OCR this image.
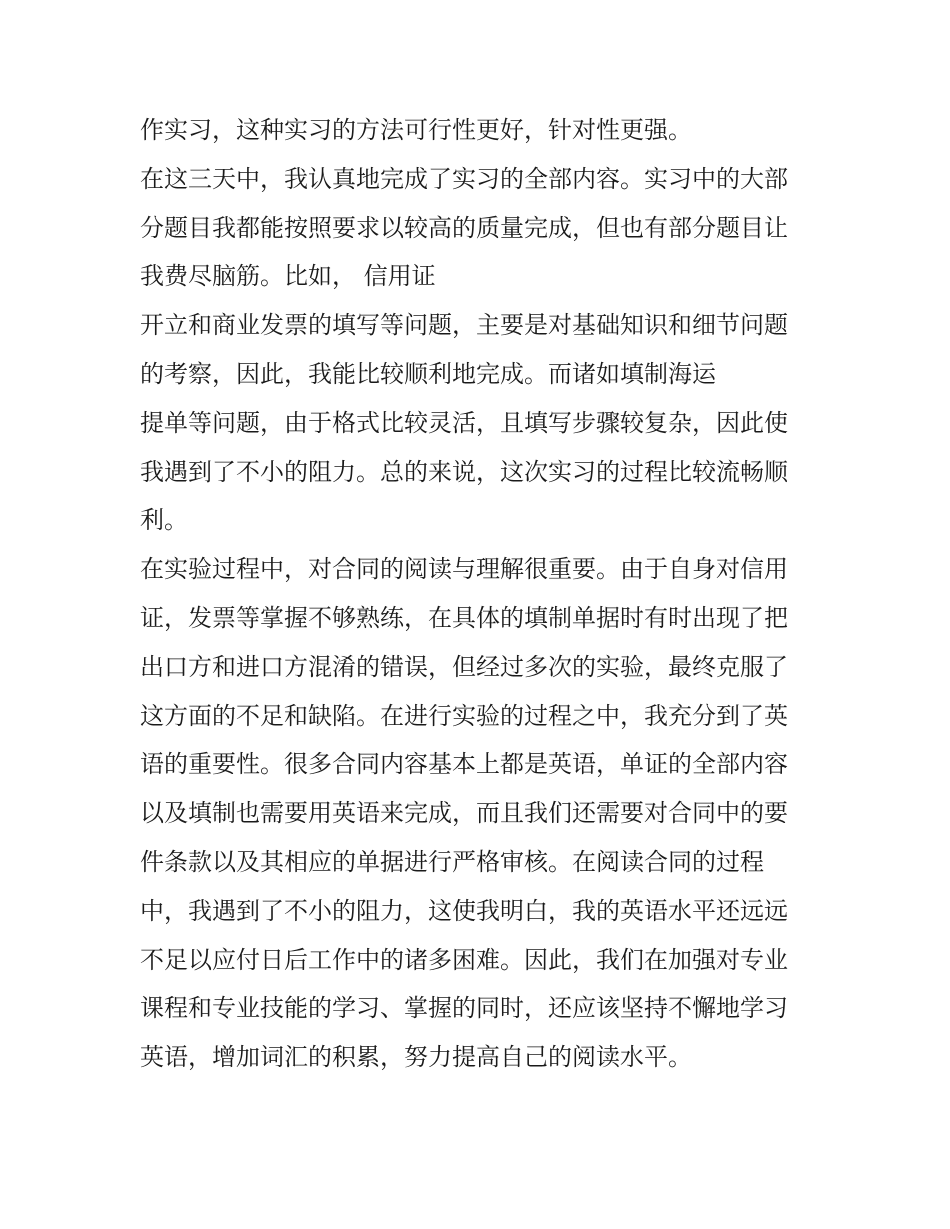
作实习，这种实习的方法可行性更好，针对性更强。
在这三天中，我认真地完成了实习的全部内容。实习中的大部
分题目我都能按照要求以较高的质量完成，但也有部分题目让
我费尽脑筋。比如， 信用证
开立和商业发票的填写等问题，主要是对基础知识和细节问题
的考察，因此，我能比较顺利地完成。而诸如填制海运
提单等问题，由于格式比较灵活，且填写步骤较复杂，因此使
我遇到了不小的阻力。总的来说，这次实习的过程比较流畅顺
利。
在实验过程中，对合同的阅读与理解很重要。由于自身对信用
证，发票等掌握不够熟练，在具体的填制单据时有时出现了把
出口方和进口方混淆的错误，但经过多次的实验，最终克服了
这方面的不足和缺陷。在进行实验的过程之中，我充分到了英
语的重要性。很多合同内容基本上都是英语，单证的全部内容
以及填制也需要用英语来完成，而且我们还需要对合同中的要
件条款以及其相应的单据进行严格审核。在阅读合同的过程
中，我遇到了不小的阻力，这使我明白，我的英语水平还远远
不足以应付日后工作中的诸多困难。因此，我们在加强对专业
课程和专业技能的学习、掌握的同时，还应该坚持不懈地学习
英语，增加词汇的积累，努力提高自己的阅读水平。
